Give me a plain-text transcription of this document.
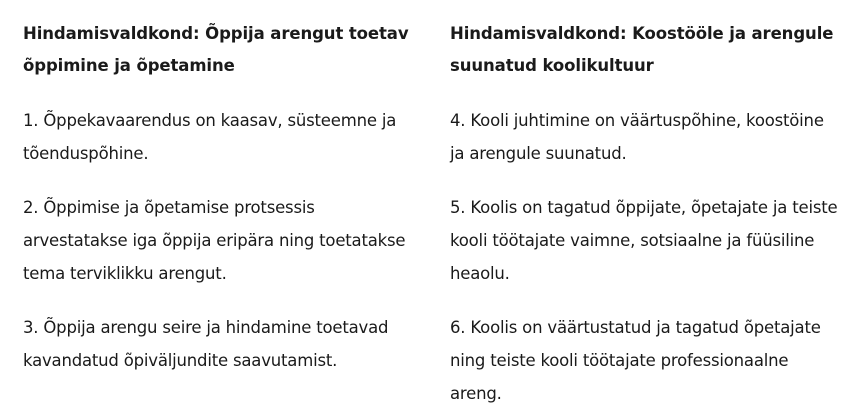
Hindamisvaldkond: Õppija arengut toetav õppimine ja õpetamine

1. Õppekavaarendus on kaasav, süsteemne ja tõenduspõhine.

2. Õppimise ja õpetamise protsessis arvestatakse iga õppija eripära ning toetatakse tema terviklikku arengut.

3. Õppija arengu seire ja hindamine toetavad kavandatud õpiväljundite saavutamist.

Hindamisvaldkond: Koostööle ja arengule suunatud koolikultuur

4. Kooli juhtimine on väärtuspõhine, koostöine ja arengule suunatud.

5. Koolis on tagatud õppijate, õpetajate ja teiste kooli töötajate vaimne, sotsiaalne ja füüsiline heaolu.

6. Koolis on väärtustatud ja tagatud õpetajate ning teiste kooli töötajate professionaalne areng.
